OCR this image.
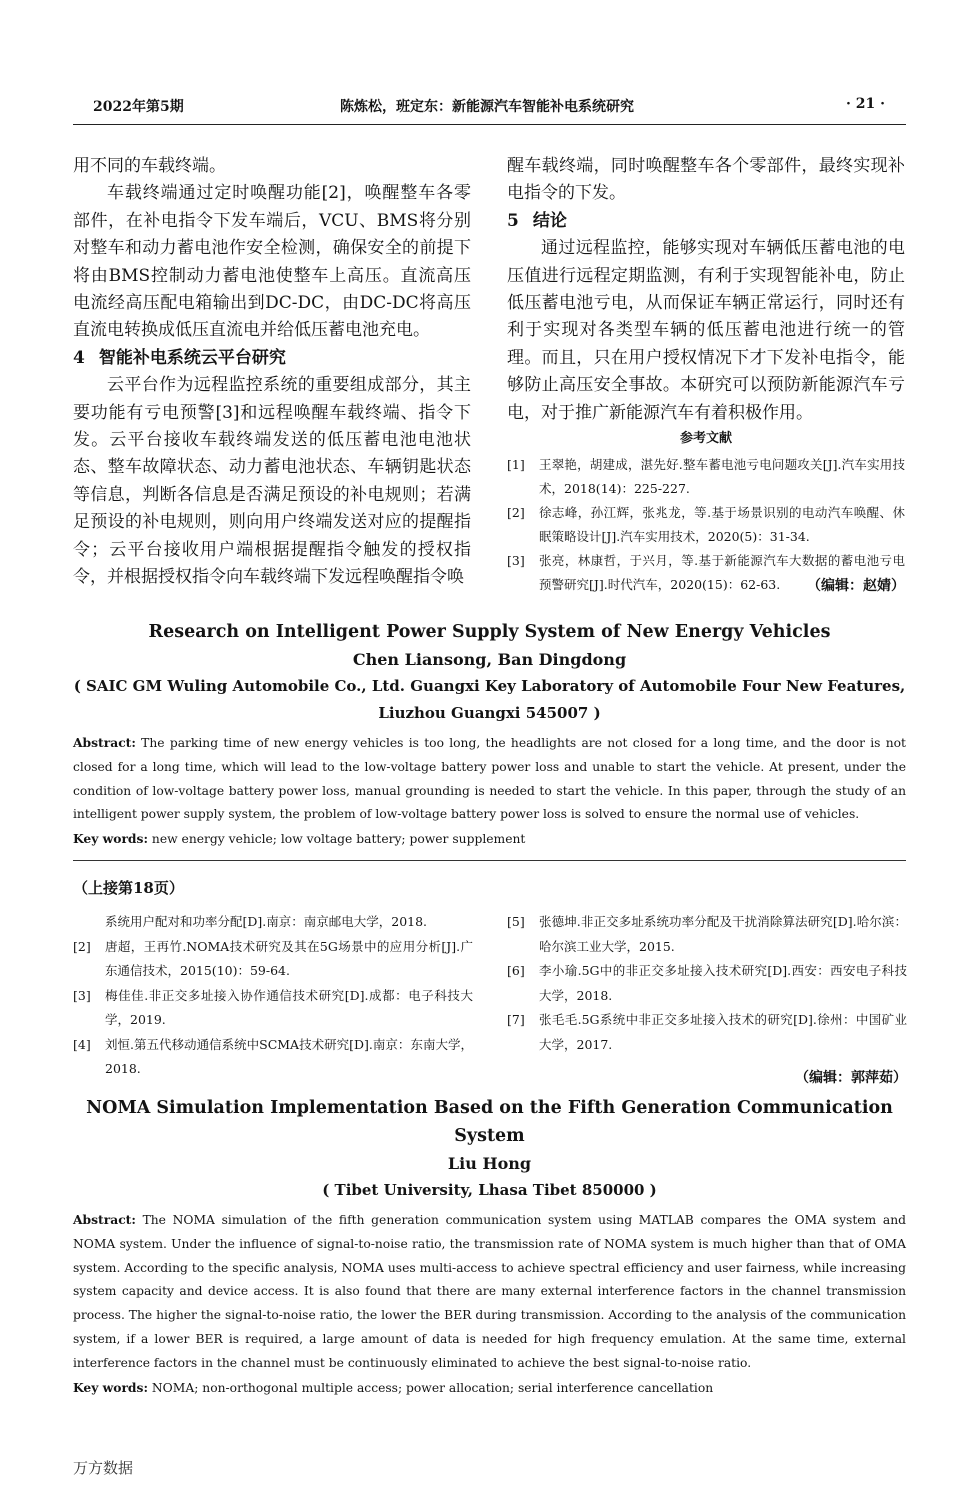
2022年第5期	陈炼松，班定东：新能源汽车智能补电系统研究	· 21 ·

用不同的车载终端。

车载终端通过定时唤醒功能[2]，唤醒整车各零部件，在补电指令下发车端后，VCU、BMS将分别对整车和动力蓄电池作安全检测，确保安全的前提下将由BMS控制动力蓄电池使整车上高压。直流高压电流经高压配电箱输出到DC-DC，由DC-DC将高压直流电转换成低压直流电并给低压蓄电池充电。

4 智能补电系统云平台研究

云平台作为远程监控系统的重要组成部分，其主要功能有亏电预警[3]和远程唤醒车载终端、指令下发。云平台接收车载终端发送的低压蓄电池电池状态、整车故障状态、动力蓄电池状态、车辆钥匙状态等信息，判断各信息是否满足预设的补电规则；若满足预设的补电规则，则向用户终端发送对应的提醒指令；云平台接收用户端根据提醒指令触发的授权指令，并根据授权指令向车载终端下发远程唤醒指令唤

醒车载终端，同时唤醒整车各个零部件，最终实现补电指令的下发。

5 结论

通过远程监控，能够实现对车辆低压蓄电池的电压值进行远程定期监测，有利于实现智能补电，防止低压蓄电池亏电，从而保证车辆正常运行，同时还有利于实现对各类型车辆的低压蓄电池进行统一的管理。而且，只在用户授权情况下才下发补电指令，能够防止高压安全事故。本研究可以预防新能源汽车亏电，对于推广新能源汽车有着积极作用。

参考文献

[1]	王翠艳，胡建成，湛先好.整车蓄电池亏电问题攻关[J].汽车实用技术，2018(14)：225-227.
[2]	徐志峰，孙江辉，张兆龙，等.基于场景识别的电动汽车唤醒、休眠策略设计[J].汽车实用技术，2020(5)：31-34.
[3]	张亮，林康哲，于兴月，等.基于新能源汽车大数据的蓄电池亏电预警研究[J].时代汽车，2020(15)：62-63.	（编辑：赵婧）

Research on Intelligent Power Supply System of New Energy Vehicles

Chen Liansong, Ban Dingdong

( SAIC GM Wuling Automobile Co., Ltd. Guangxi Key Laboratory of Automobile Four New Features,

Liuzhou Guangxi 545007 )

Abstract: The parking time of new energy vehicles is too long, the headlights are not closed for a long time, and the door is not closed for a long time, which will lead to the low-voltage battery power loss and unable to start the vehicle. At present, under the condition of low-voltage battery power loss, manual grounding is needed to start the vehicle. In this paper, through the study of an intelligent power supply system, the problem of low-voltage battery power loss is solved to ensure the normal use of vehicles.

Key words: new energy vehicle; low voltage battery; power supplement

（上接第18页）
系统用户配对和功率分配[D].南京：南京邮电大学，2018.
[2]	唐超，王再竹.NOMA技术研究及其在5G场景中的应用分析[J].广东通信技术，2015(10)：59-64.
[3]	梅佳佳.非正交多址接入协作通信技术研究[D].成都：电子科技大学，2019.
[4]	刘恒.第五代移动通信系统中SCMA技术研究[D].南京：东南大学，2018.
[5]	张德坤.非正交多址系统功率分配及干扰消除算法研究[D].哈尔滨：哈尔滨工业大学，2015.
[6]	李小瑜.5G中的非正交多址接入技术研究[D].西安：西安电子科技大学，2018.
[7]	张毛毛.5G系统中非正交多址接入技术的研究[D].徐州：中国矿业大学，2017.
（编辑：郭萍茹）

NOMA Simulation Implementation Based on the Fifth Generation Communication System

Liu Hong

( Tibet University, Lhasa Tibet 850000 )

Abstract: The NOMA simulation of the fifth generation communication system using MATLAB compares the OMA system and NOMA system. Under the influence of signal-to-noise ratio, the transmission rate of NOMA system is much higher than that of OMA system. According to the specific analysis, NOMA uses multi-access to achieve spectral efficiency and user fairness, while increasing system capacity and device access. It is also found that there are many external interference factors in the channel transmission process. The higher the signal-to-noise ratio, the lower the BER during transmission. According to the analysis of the communication system, if a lower BER is required, a large amount of data is needed for high frequency emulation. At the same time, external interference factors in the channel must be continuously eliminated to achieve the best signal-to-noise ratio.

Key words: NOMA; non-orthogonal multiple access; power allocation; serial interference cancellation

万方数据
